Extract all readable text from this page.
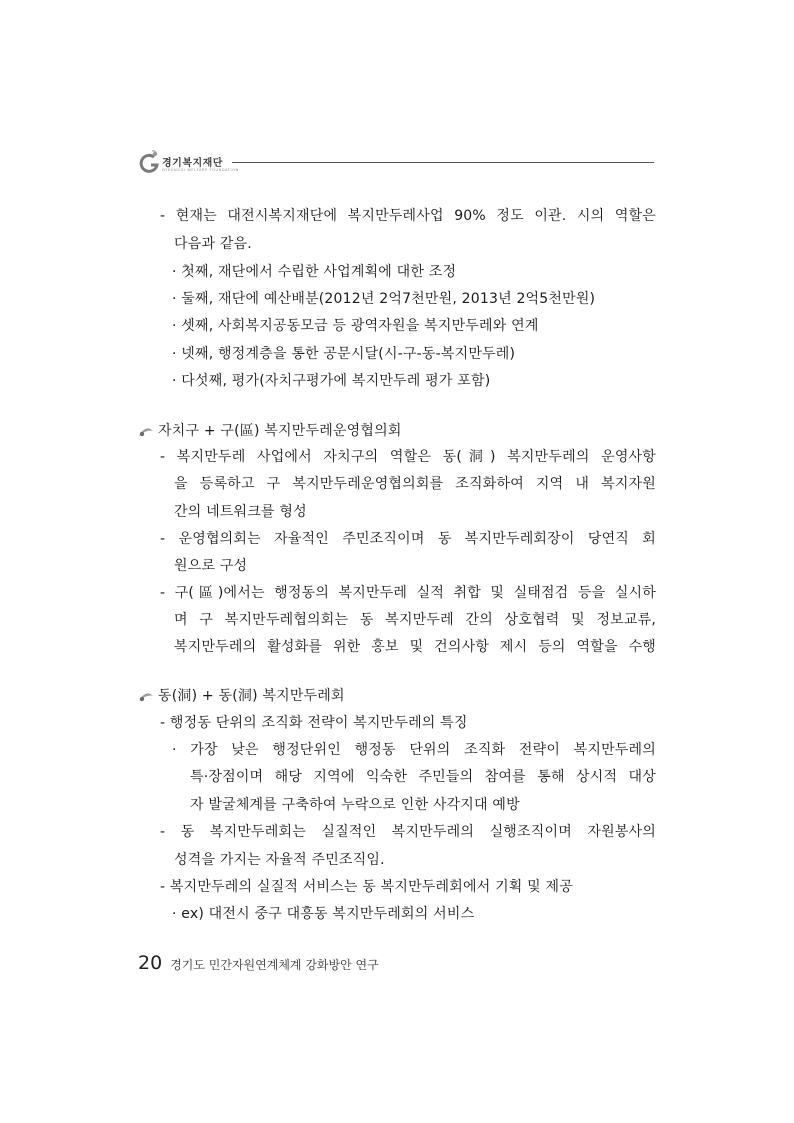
경기복지재단
GYEONGGI WELFARE FOUNDATION
- 현재는 대전시복지재단에 복지만두레사업 90% 정도 이관. 시의 역할은
다음과 같음.
· 첫째, 재단에서 수립한 사업계획에 대한 조정
· 둘째, 재단에 예산배분(2012년 2억7천만원, 2013년 2억5천만원)
· 셋째, 사회복지공동모금 등 광역자원을 복지만두레와 연계
· 넷째, 행정계층을 통한 공문시달(시-구-동-복지만두레)
· 다섯째, 평가(자치구평가에 복지만두레 평가 포함)
자치구 + 구(區) 복지만두레운영협의회
- 복지만두레 사업에서 자치구의 역할은 동(洞) 복지만두레의 운영사항
을 등록하고 구 복지만두레운영협의회를 조직화하여 지역 내 복지자원
간의 네트워크를 형성
- 운영협의회는 자율적인 주민조직이며 동 복지만두레회장이 당연직 회
원으로 구성
- 구(區)에서는 행정동의 복지만두레 실적 취합 및 실태점검 등을 실시하
며 구 복지만두레협의회는 동 복지만두레 간의 상호협력 및 정보교류,
복지만두레의 활성화를 위한 홍보 및 건의사항 제시 등의 역할을 수행
동(洞) + 동(洞) 복지만두레회
- 행정동 단위의 조직화 전략이 복지만두레의 특징
· 가장 낮은 행정단위인 행정동 단위의 조직화 전략이 복지만두레의
특·장점이며 해당 지역에 익숙한 주민들의 참여를 통해 상시적 대상
자 발굴체계를 구축하여 누락으로 인한 사각지대 예방
- 동 복지만두레회는 실질적인 복지만두레의 실행조직이며 자원봉사의
성격을 가지는 자율적 주민조직임.
- 복지만두레의 실질적 서비스는 동 복지만두레회에서 기획 및 제공
· ex) 대전시 중구 대흥동 복지만두레회의 서비스
20 경기도 민간자원연계체계 강화방안 연구
